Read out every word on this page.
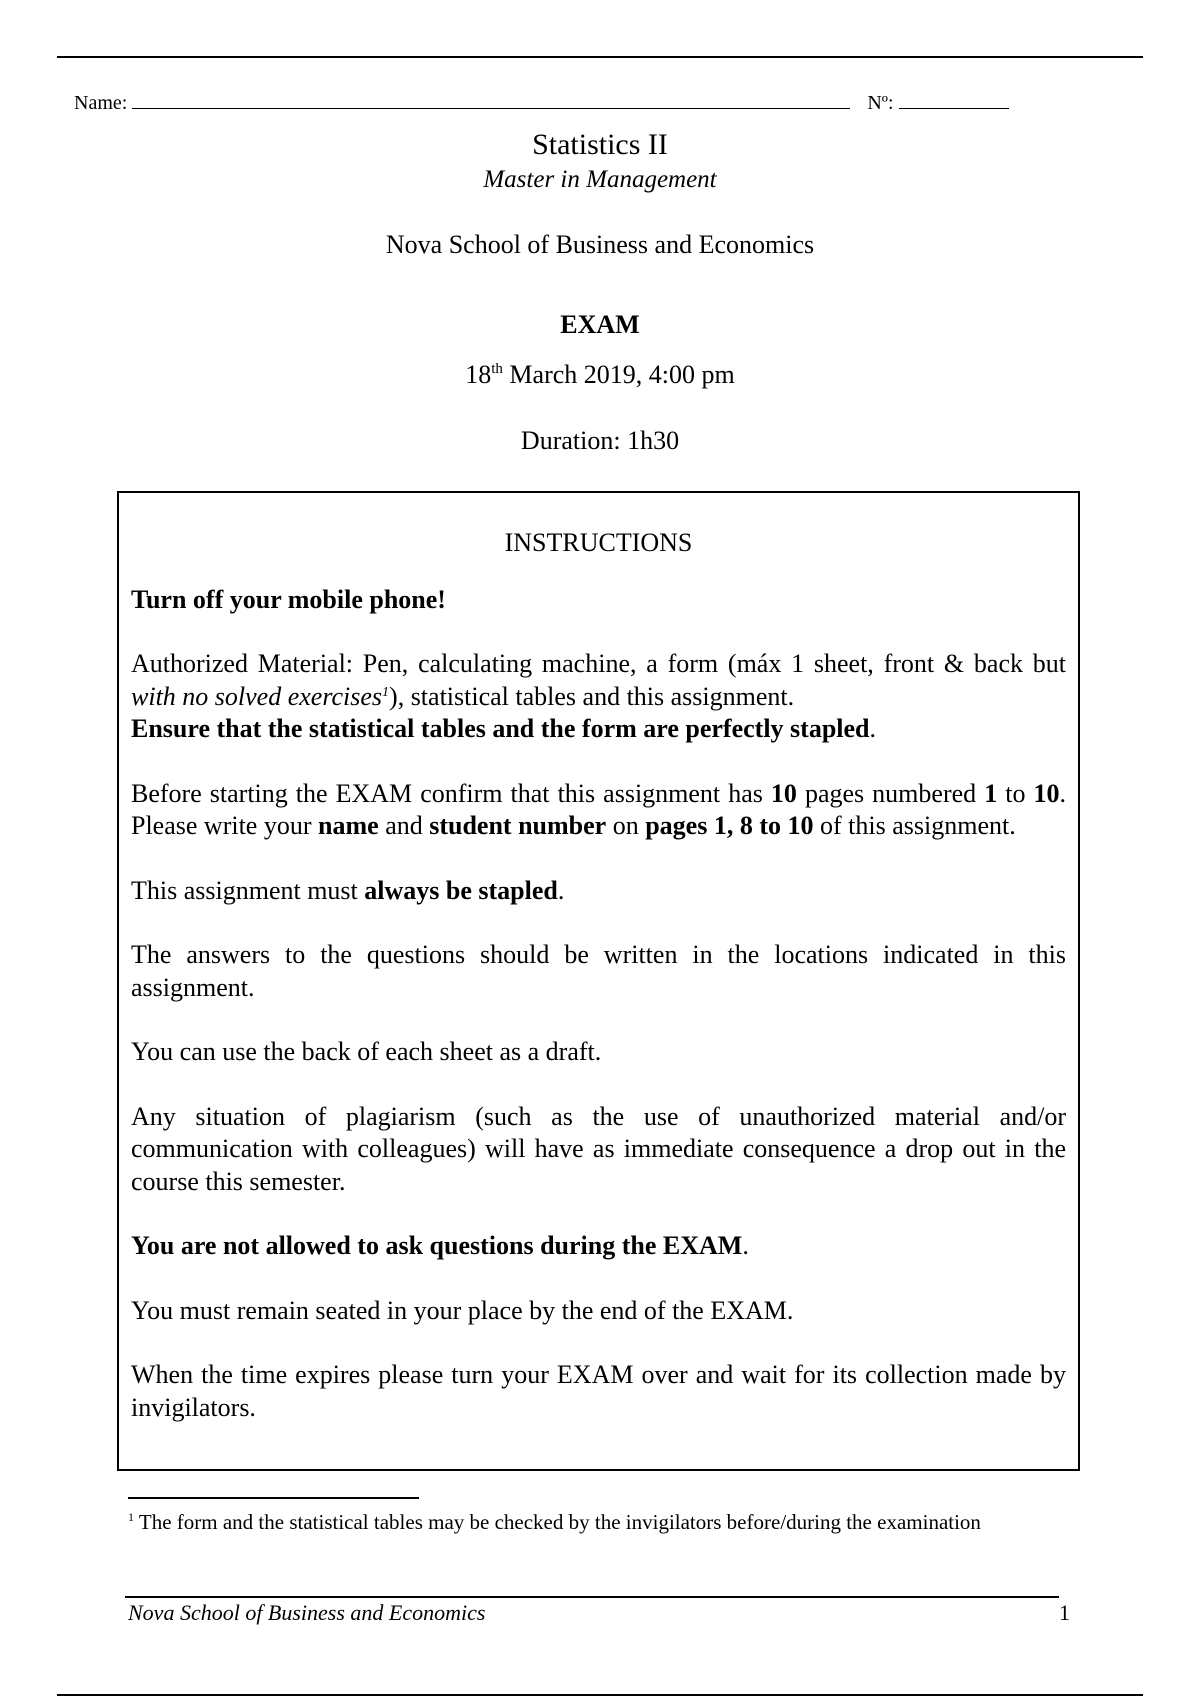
Name:	Nº:
Statistics II
Master in Management
Nova School of Business and Economics
EXAM
18th March 2019, 4:00 pm
Duration: 1h30

INSTRUCTIONS

Turn off your mobile phone!

Authorized Material: Pen, calculating machine, a form (máx 1 sheet, front & back but with no solved exercises$^1$), statistical tables and this assignment.

Ensure that the statistical tables and the form are perfectly stapled.

Before starting the EXAM confirm that this assignment has 10 pages numbered 1 to 10. Please write your name and student number on pages 1, 8 to 10 of this assignment.

This assignment must always be stapled.

The answers to the questions should be written in the locations indicated in this assignment.

You can use the back of each sheet as a draft.

Any situation of plagiarism (such as the use of unauthorized material and/or communication with colleagues) will have as immediate consequence a drop out in the course this semester.

You are not allowed to ask questions during the EXAM.

You must remain seated in your place by the end of the EXAM.

When the time expires please turn your EXAM over and wait for its collection made by invigilators.

$^1$ The form and the statistical tables may be checked by the invigilators before/during the examination
Nova School of Business and Economics	1
